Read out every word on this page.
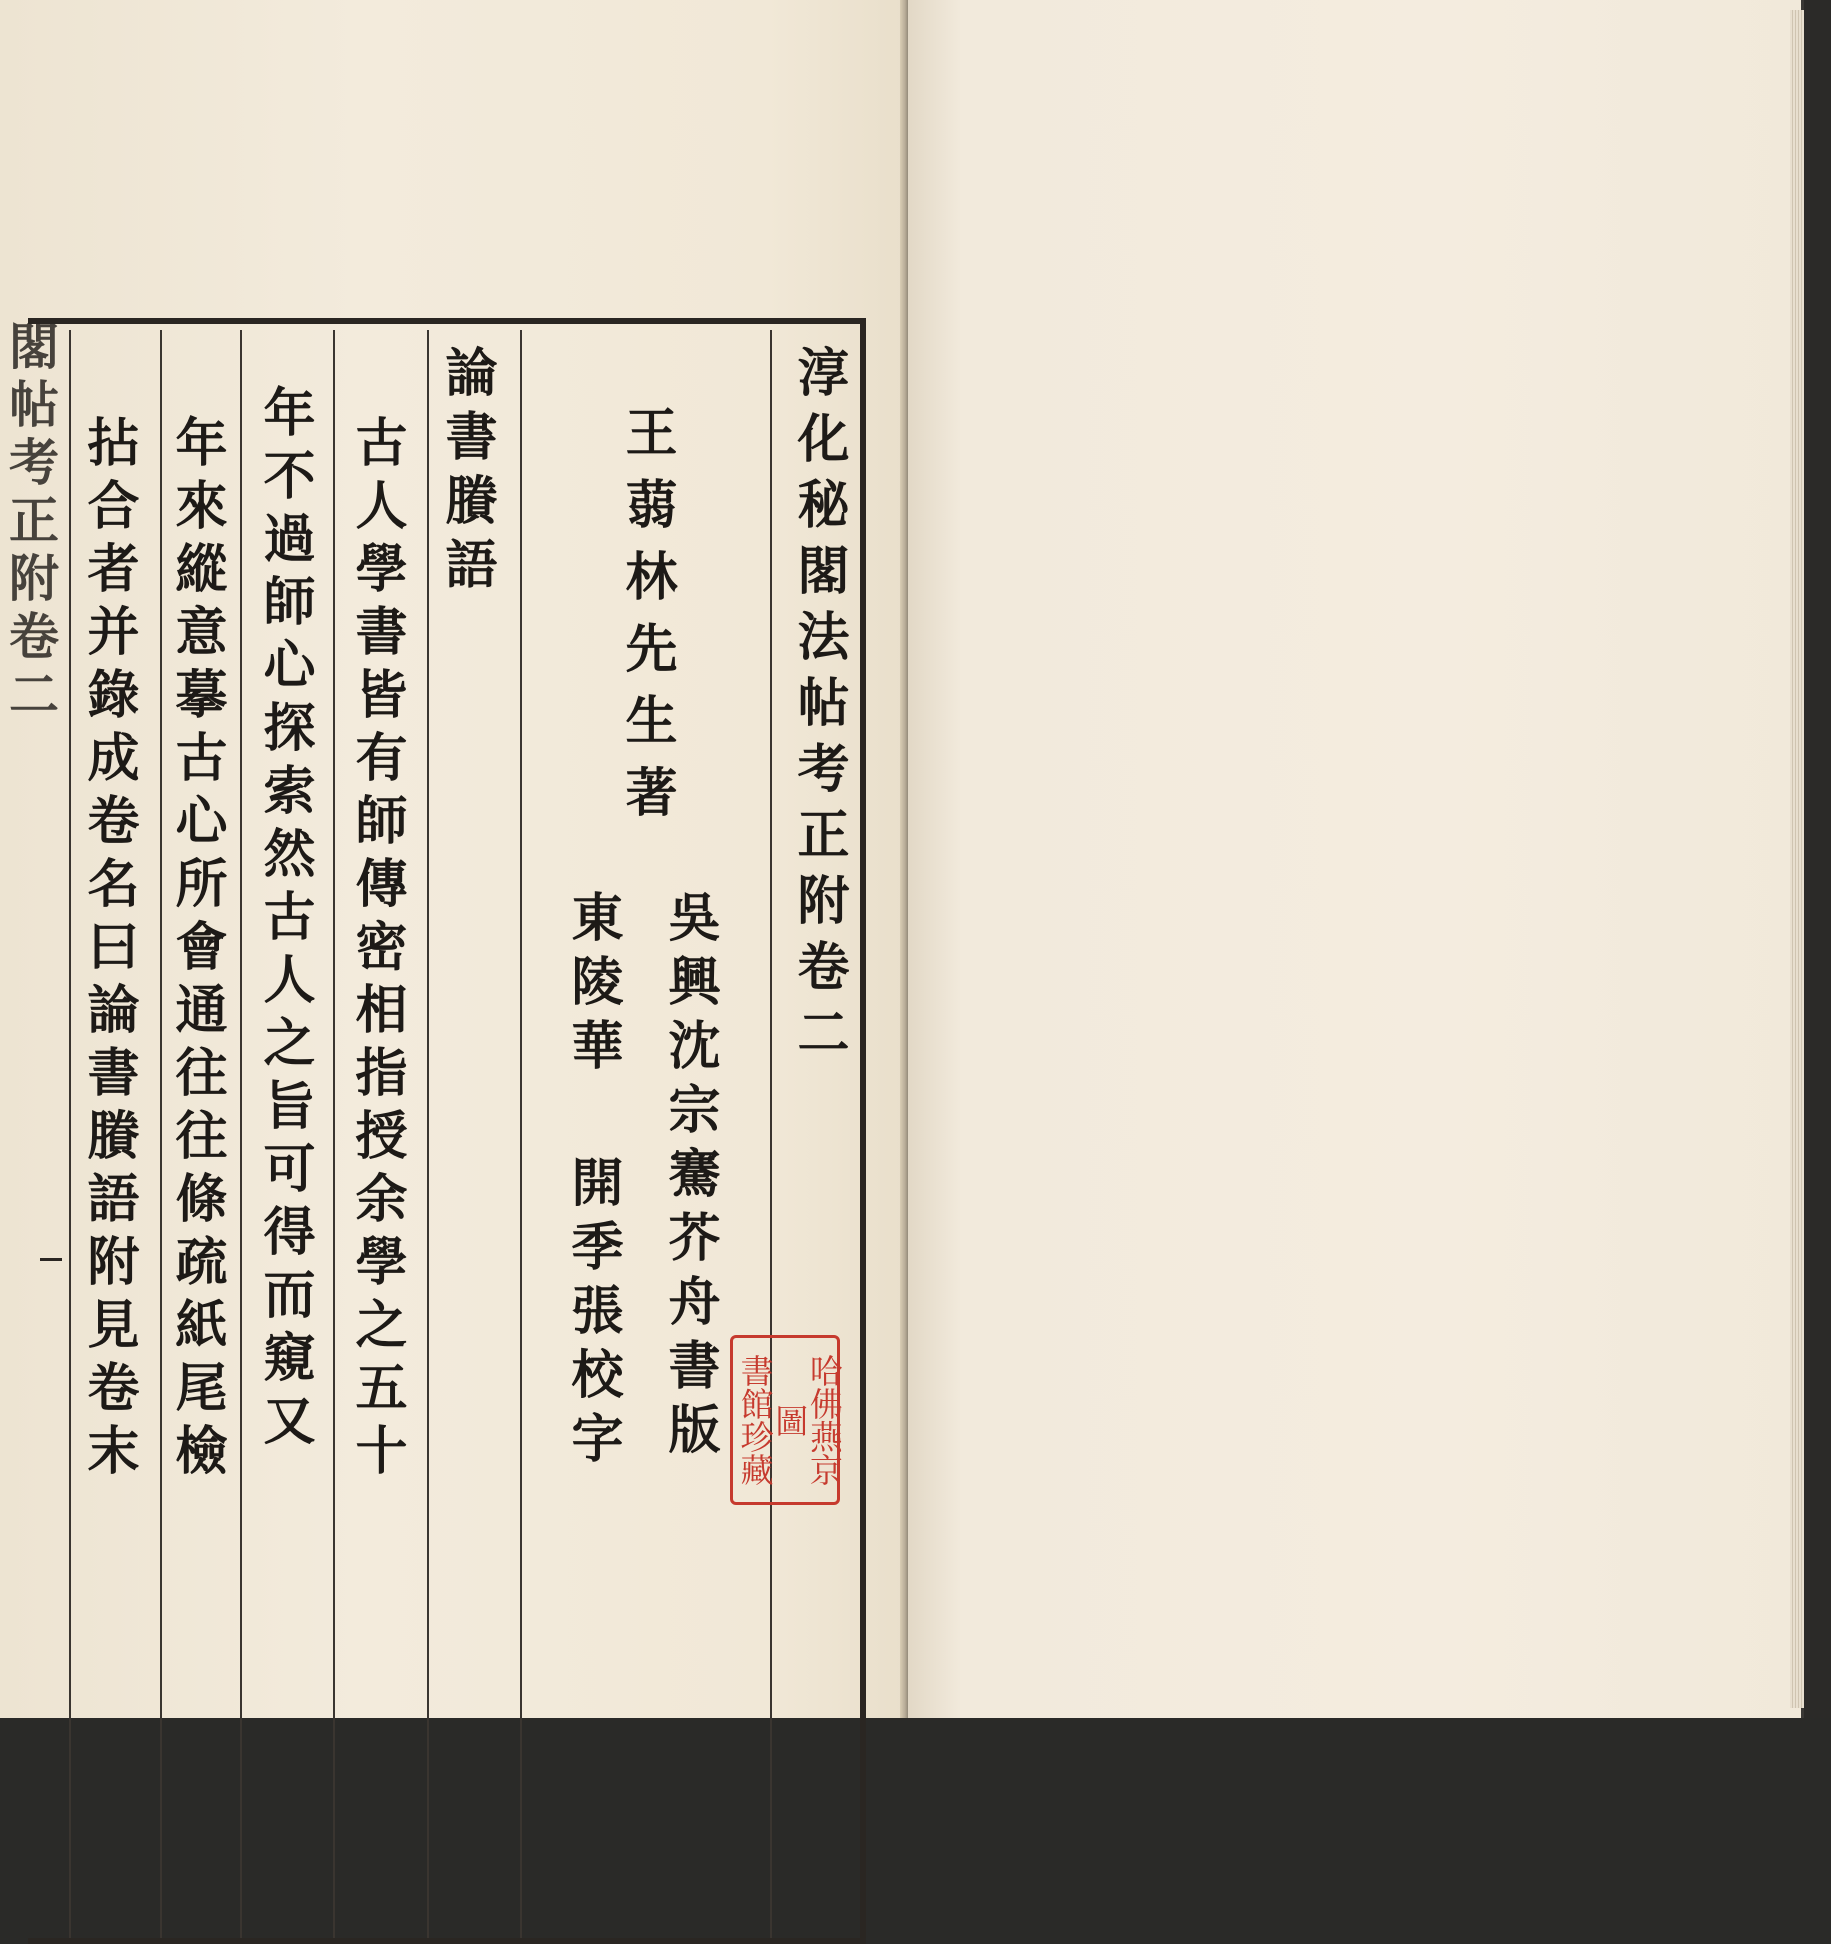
閣帖考正附卷二	淳化秘閣法帖考正附卷二
王蒻林先生著
吳興沈宗騫芥舟書版
東陵華 開季張校字
論書賸語
古人學書皆有師傳密相指授余學之五十
年不過師心探索然古人之旨可得而窺又
年來縱意摹古心所會通往往條疏紙尾檢
拈合者并錄成卷名曰論書賸語附見卷末	哈佛燕京圖
書館珍藏
